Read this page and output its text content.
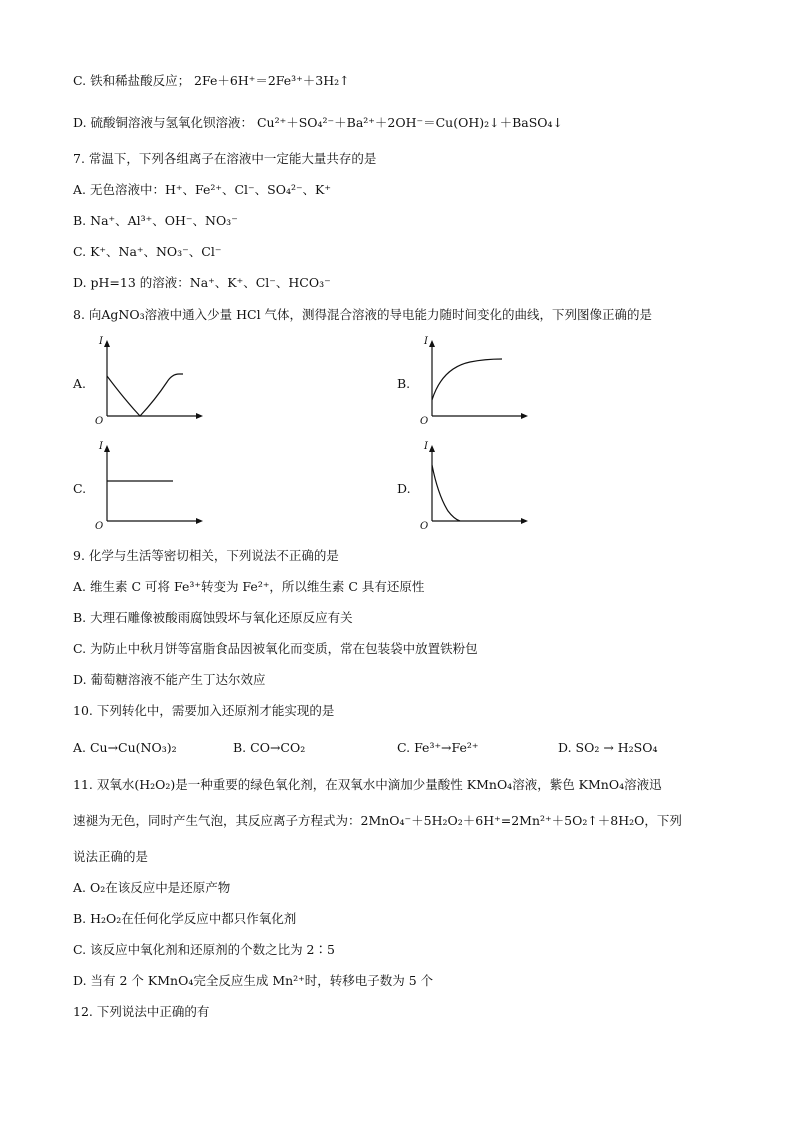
C. 铁和稀盐酸反应； 2Fe＋6H⁺＝2Fe³⁺＋3H₂↑
D. 硫酸铜溶液与氢氧化钡溶液： Cu²⁺＋SO₄²⁻＋Ba²⁺＋2OH⁻＝Cu(OH)₂↓＋BaSO₄↓
7. 常温下，下列各组离子在溶液中一定能大量共存的是
A. 无色溶液中：H⁺、Fe²⁺、Cl⁻、SO₄²⁻、K⁺
B. Na⁺、Al³⁺、OH⁻、NO₃⁻
C. K⁺、Na⁺、NO₃⁻、Cl⁻
D. pH=13 的溶液：Na⁺、K⁺、Cl⁻、HCO₃⁻
8. 向AgNO₃溶液中通入少量 HCl 气体，测得混合溶液的导电能力随时间变化的曲线，下列图像正确的是
A.
I
O
B.
I
O
C.
I
O
D.
I
O
9. 化学与生活等密切相关，下列说法不正确的是
A. 维生素 C 可将 Fe³⁺转变为 Fe²⁺，所以维生素 C 具有还原性
B. 大理石雕像被酸雨腐蚀毁坏与氧化还原反应有关
C. 为防止中秋月饼等富脂食品因被氧化而变质，常在包装袋中放置铁粉包
D. 葡萄糖溶液不能产生丁达尔效应
10. 下列转化中，需要加入还原剂才能实现的是
A. Cu→Cu(NO₃)₂	B. CO→CO₂	C. Fe³⁺→Fe²⁺	D. SO₂ → H₂SO₄
11. 双氧水(H₂O₂)是一种重要的绿色氧化剂，在双氧水中滴加少量酸性 KMnO₄溶液，紫色 KMnO₄溶液迅
速褪为无色，同时产生气泡，其反应离子方程式为：2MnO₄⁻＋5H₂O₂＋6H⁺=2Mn²⁺＋5O₂↑＋8H₂O，下列
说法正确的是
A. O₂在该反应中是还原产物
B. H₂O₂在任何化学反应中都只作氧化剂
C. 该反应中氧化剂和还原剂的个数之比为 2∶5
D. 当有 2 个 KMnO₄完全反应生成 Mn²⁺时，转移电子数为 5 个
12. 下列说法中正确的有
